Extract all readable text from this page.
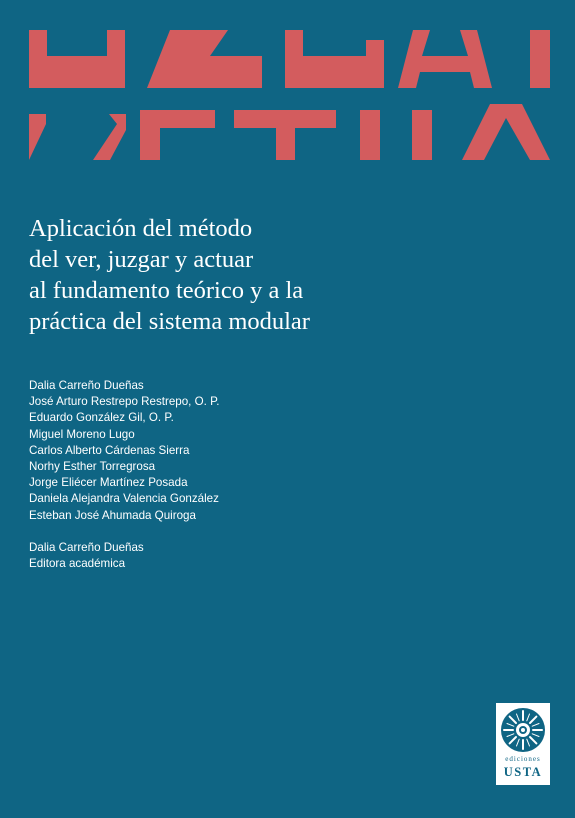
Aplicación del método
del ver, juzgar y actuar
al fundamento teórico y a la
práctica del sistema modular
Dalia Carreño Dueñas
José Arturo Restrepo Restrepo, O. P.
Eduardo González Gil, O. P.
Miguel Moreno Lugo
Carlos Alberto Cárdenas Sierra
Norhy Esther Torregrosa
Jorge Eliécer Martínez Posada
Daniela Alejandra Valencia González
Esteban José Ahumada Quiroga
Dalia Carreño Dueñas
Editora académica
ediciones
USTA
